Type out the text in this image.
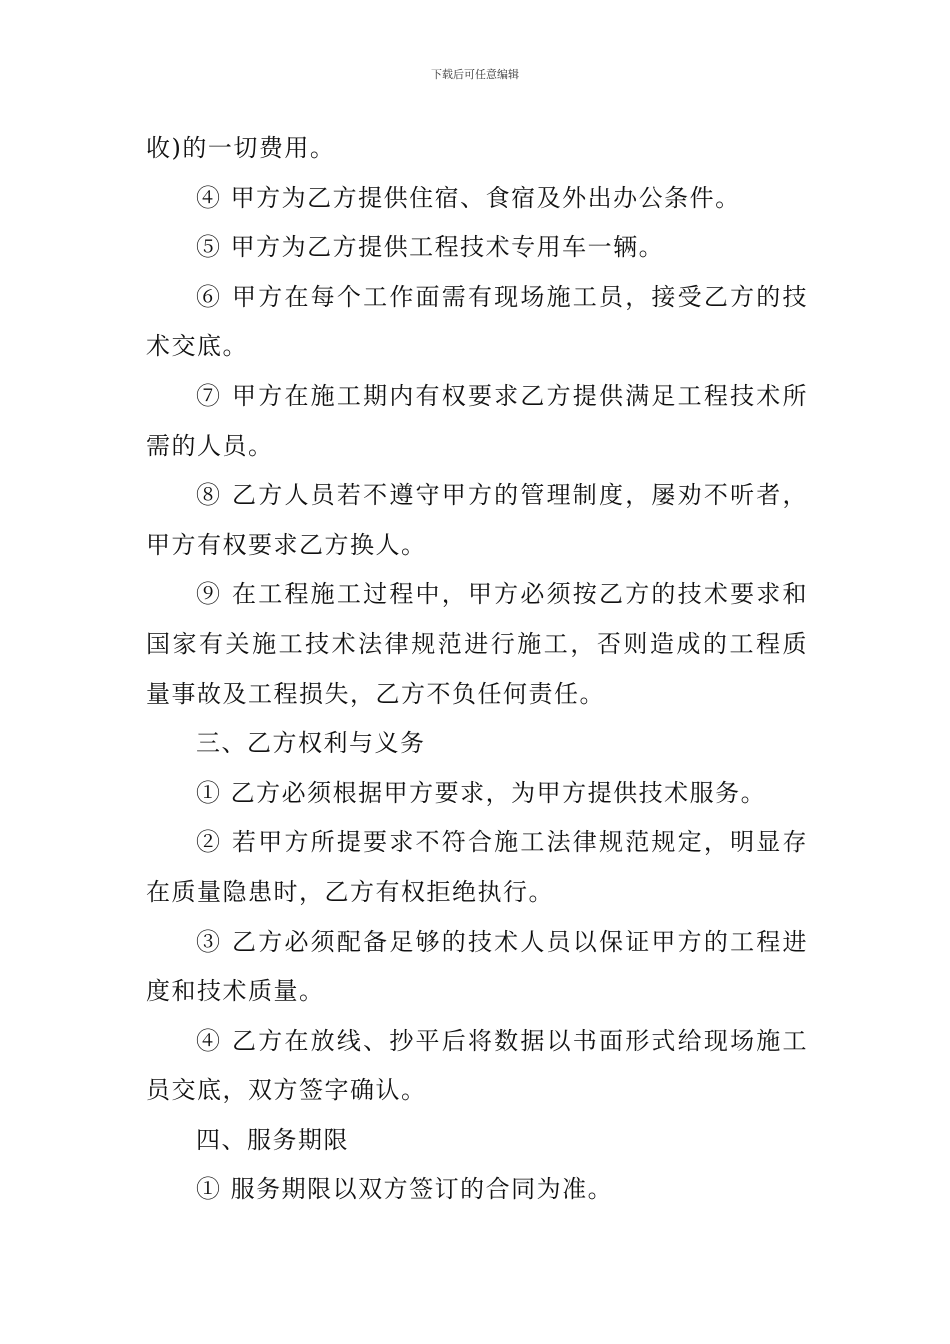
下载后可任意编辑

收)的一切费用。

④ 甲方为乙方提供住宿、食宿及外出办公条件。

⑤ 甲方为乙方提供工程技术专用车一辆。

⑥ 甲方在每个工作面需有现场施工员，接受乙方的技术交底。

⑦ 甲方在施工期内有权要求乙方提供满足工程技术所需的人员。

⑧ 乙方人员若不遵守甲方的管理制度，屡劝不听者，甲方有权要求乙方换人。

⑨ 在工程施工过程中，甲方必须按乙方的技术要求和国家有关施工技术法律规范进行施工，否则造成的工程质量事故及工程损失，乙方不负任何责任。

三、乙方权利与义务

① 乙方必须根据甲方要求，为甲方提供技术服务。

② 若甲方所提要求不符合施工法律规范规定，明显存在质量隐患时，乙方有权拒绝执行。

③ 乙方必须配备足够的技术人员以保证甲方的工程进度和技术质量。

④ 乙方在放线、抄平后将数据以书面形式给现场施工员交底，双方签字确认。

四、服务期限

① 服务期限以双方签订的合同为准。
